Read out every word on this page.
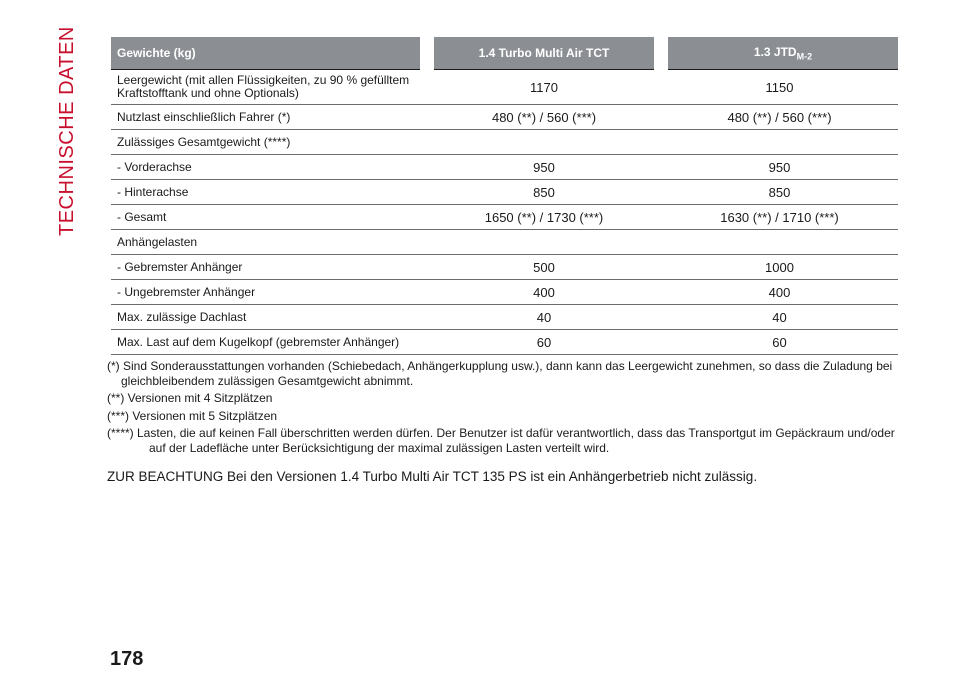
TECHNISCHE DATEN	Gewichte (kg)	1.4 Turbo Multi Air TCT	1.3 $JTD_{M-2}$
Leergewicht (mit allen Flüssigkeiten, zu 90 % gefülltem Kraftstofftank und ohne Optionals)	1170	1150
Nutzlast einschließlich Fahrer (*)	480 (**) / 560 (***)	480 (**) / 560 (***)
Zulässiges Gesamtgewicht (****)		
- Vorderachse	950	950
- Hinterachse	850	850
- Gesamt	1650 (**) / 1730 (***)	1630 (**) / 1710 (***)
Anhängelasten		
- Gebremster Anhänger	500	1000
- Ungebremster Anhänger	400	400
Max. zulässige Dachlast	40	40
Max. Last auf dem Kugelkopf (gebremster Anhänger)	60	60

(*) Sind Sonderausstattungen vorhanden (Schiebedach, Anhängerkupplung usw.), dann kann das Leergewicht zunehmen, so dass die Zuladung bei gleichbleibendem zulässigen Gesamtgewicht abnimmt.

(**) Versionen mit 4 Sitzplätzen

(***) Versionen mit 5 Sitzplätzen

(****) Lasten, die auf keinen Fall überschritten werden dürfen. Der Benutzer ist dafür verantwortlich, dass das Transportgut im Gepäckraum und/oder auf der Ladefläche unter Berücksichtigung der maximal zulässigen Lasten verteilt wird.

ZUR BEACHTUNG Bei den Versionen 1.4 Turbo Multi Air TCT 135 PS ist ein Anhängerbetrieb nicht zulässig.
178
